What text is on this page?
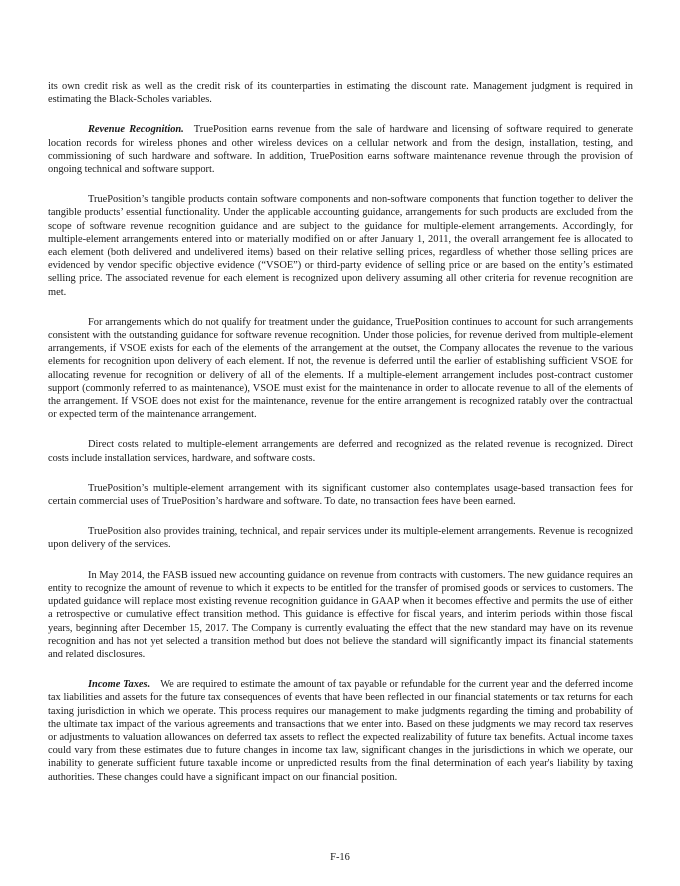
its own credit risk as well as the credit risk of its counterparties in estimating the discount rate. Management judgment is required in estimating the Black-Scholes variables.

Revenue Recognition. TruePosition earns revenue from the sale of hardware and licensing of software required to generate location records for wireless phones and other wireless devices on a cellular network and from the design, installation, testing, and commissioning of such hardware and software. In addition, TruePosition earns software maintenance revenue through the provision of ongoing technical and software support.

TruePosition’s tangible products contain software components and non-software components that function together to deliver the tangible products’ essential functionality. Under the applicable accounting guidance, arrangements for such products are excluded from the scope of software revenue recognition guidance and are subject to the guidance for multiple-element arrangements. Accordingly, for multiple-element arrangements entered into or materially modified on or after January 1, 2011, the overall arrangement fee is allocated to each element (both delivered and undelivered items) based on their relative selling prices, regardless of whether those selling prices are evidenced by vendor specific objective evidence (“VSOE”) or third-party evidence of selling price or are based on the entity’s estimated selling price. The associated revenue for each element is recognized upon delivery assuming all other criteria for revenue recognition are met.

For arrangements which do not qualify for treatment under the guidance, TruePosition continues to account for such arrangements consistent with the outstanding guidance for software revenue recognition. Under those policies, for revenue derived from multiple-element arrangements, if VSOE exists for each of the elements of the arrangement at the outset, the Company allocates the revenue to the various elements for recognition upon delivery of each element. If not, the revenue is deferred until the earlier of establishing sufficient VSOE for allocating revenue for recognition or delivery of all of the elements. If a multiple-element arrangement includes post-contract customer support (commonly referred to as maintenance), VSOE must exist for the maintenance in order to allocate revenue to all of the elements of the arrangement. If VSOE does not exist for the maintenance, revenue for the entire arrangement is recognized ratably over the contractual or expected term of the maintenance arrangement.

Direct costs related to multiple-element arrangements are deferred and recognized as the related revenue is recognized. Direct costs include installation services, hardware, and software costs.

TruePosition’s multiple-element arrangement with its significant customer also contemplates usage-based transaction fees for certain commercial uses of TruePosition’s hardware and software. To date, no transaction fees have been earned.

TruePosition also provides training, technical, and repair services under its multiple-element arrangements. Revenue is recognized upon delivery of the services.

In May 2014, the FASB issued new accounting guidance on revenue from contracts with customers. The new guidance requires an entity to recognize the amount of revenue to which it expects to be entitled for the transfer of promised goods or services to customers. The updated guidance will replace most existing revenue recognition guidance in GAAP when it becomes effective and permits the use of either a retrospective or cumulative effect transition method. This guidance is effective for fiscal years, and interim periods within those fiscal years, beginning after December 15, 2017. The Company is currently evaluating the effect that the new standard may have on its revenue recognition and has not yet selected a transition method but does not believe the standard will significantly impact its financial statements and related disclosures.

Income Taxes. We are required to estimate the amount of tax payable or refundable for the current year and the deferred income tax liabilities and assets for the future tax consequences of events that have been reflected in our financial statements or tax returns for each taxing jurisdiction in which we operate. This process requires our management to make judgments regarding the timing and probability of the ultimate tax impact of the various agreements and transactions that we enter into. Based on these judgments we may record tax reserves or adjustments to valuation allowances on deferred tax assets to reflect the expected realizability of future tax benefits. Actual income taxes could vary from these estimates due to future changes in income tax law, significant changes in the jurisdictions in which we operate, our inability to generate sufficient future taxable income or unpredicted results from the final determination of each year's liability by taxing authorities. These changes could have a significant impact on our financial position.

F-16
